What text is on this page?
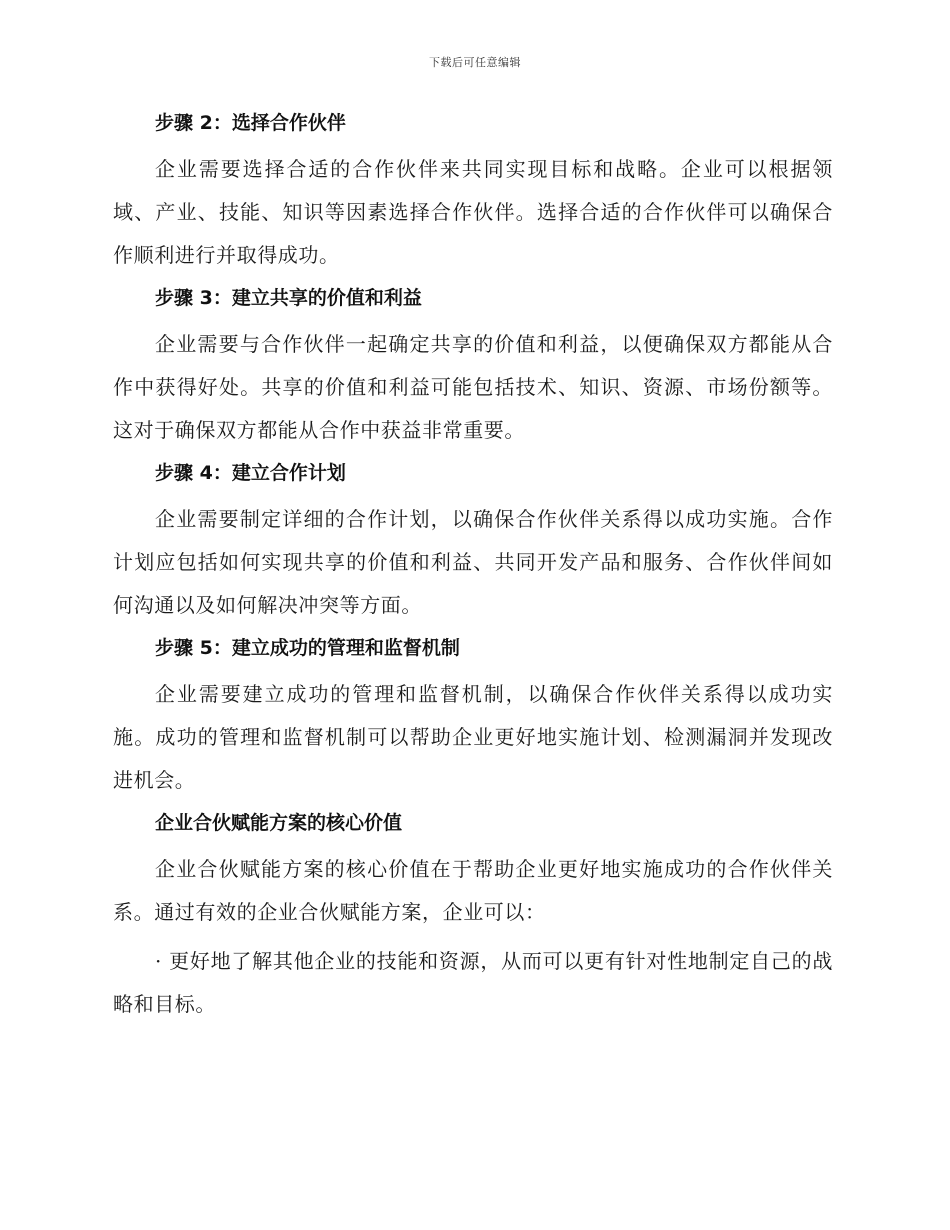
下载后可任意编辑
步骤 2：选择合作伙伴

企业需要选择合适的合作伙伴来共同实现目标和战略。企业可以根据领域、产业、技能、知识等因素选择合作伙伴。选择合适的合作伙伴可以确保合作顺利进行并取得成功。

步骤 3：建立共享的价值和利益

企业需要与合作伙伴一起确定共享的价值和利益，以便确保双方都能从合作中获得好处。共享的价值和利益可能包括技术、知识、资源、市场份额等。这对于确保双方都能从合作中获益非常重要。

步骤 4：建立合作计划

企业需要制定详细的合作计划，以确保合作伙伴关系得以成功实施。合作计划应包括如何实现共享的价值和利益、共同开发产品和服务、合作伙伴间如何沟通以及如何解决冲突等方面。

步骤 5：建立成功的管理和监督机制

企业需要建立成功的管理和监督机制，以确保合作伙伴关系得以成功实施。成功的管理和监督机制可以帮助企业更好地实施计划、检测漏洞并发现改进机会。

企业合伙赋能方案的核心价值

企业合伙赋能方案的核心价值在于帮助企业更好地实施成功的合作伙伴关系。通过有效的企业合伙赋能方案，企业可以：

· 更好地了解其他企业的技能和资源，从而可以更有针对性地制定自己的战略和目标。
